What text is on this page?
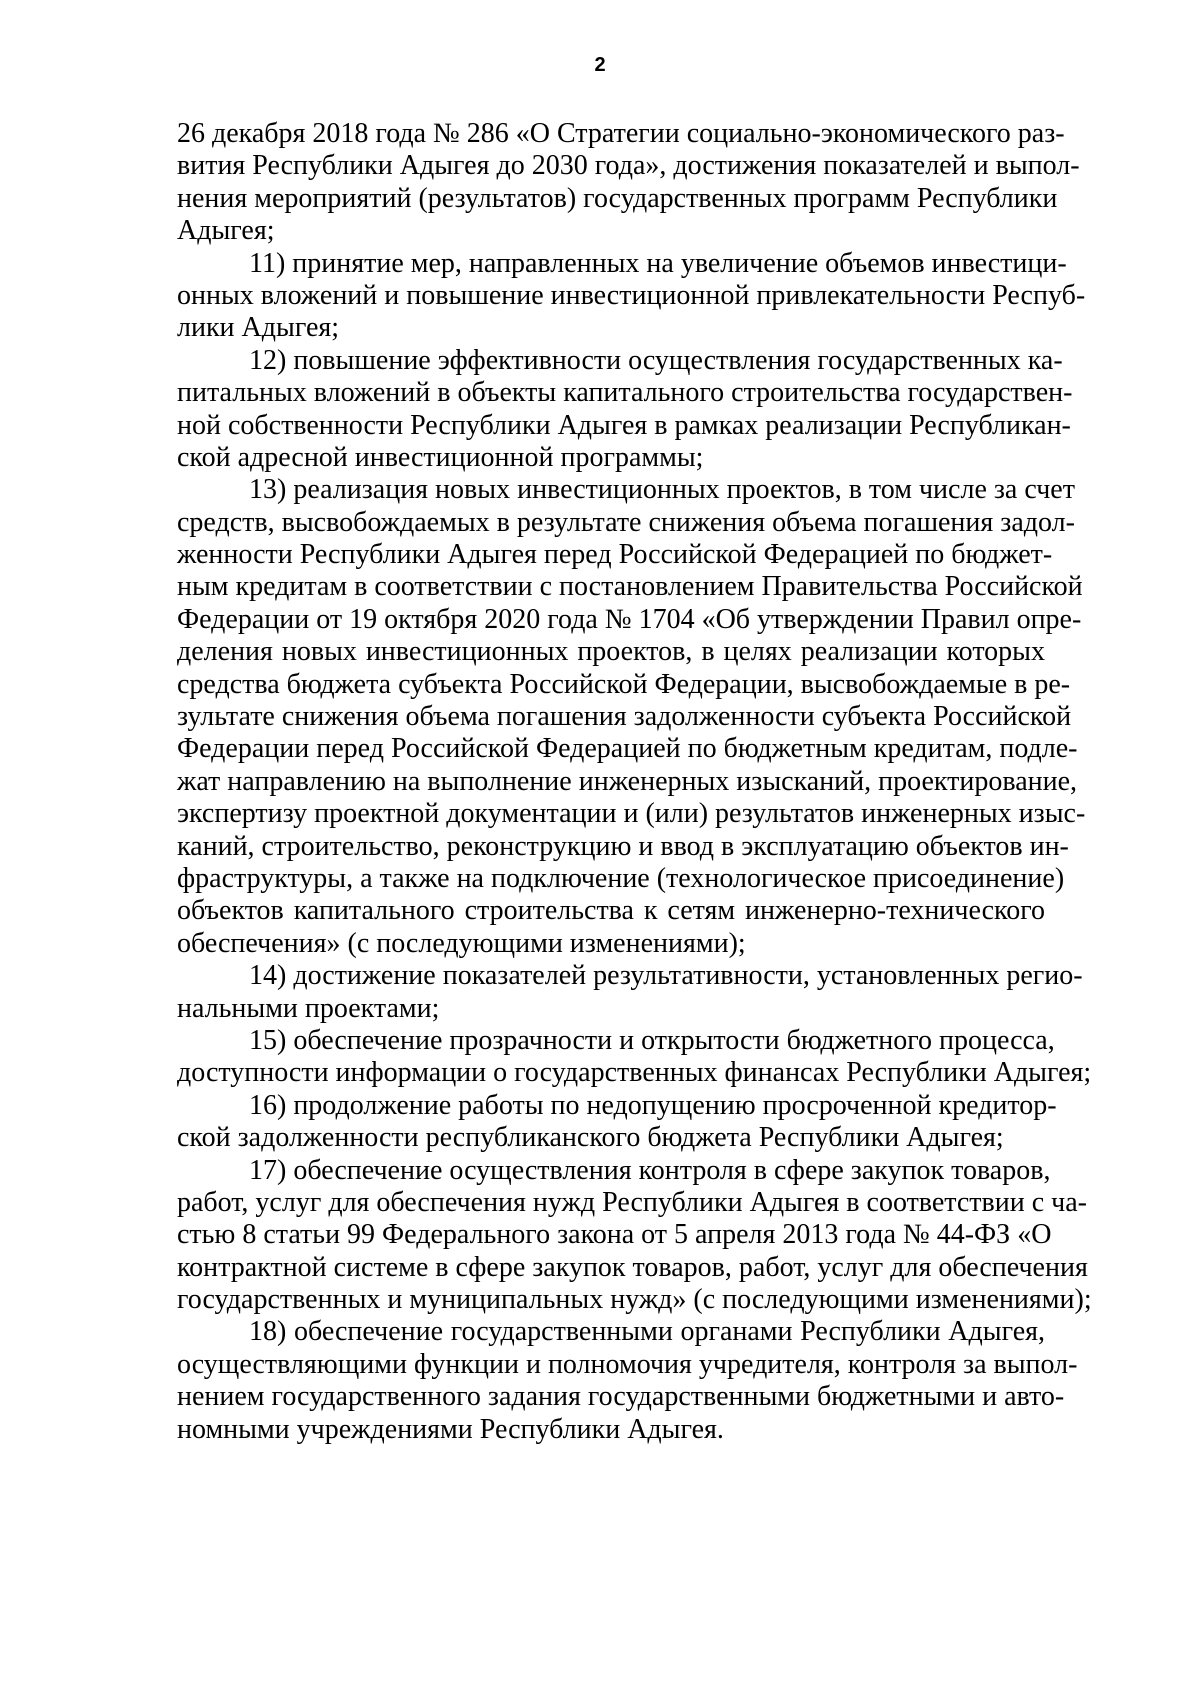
2
26 декабря 2018 года № 286 «О Стратегии социально-экономического раз-
вития Республики Адыгея до 2030 года», достижения показателей и выпол-
нения мероприятий (результатов) государственных программ Республики
Адыгея;
11) принятие мер, направленных на увеличение объемов инвестици-
онных вложений и повышение инвестиционной привлекательности Респуб-
лики Адыгея;
12) повышение эффективности осуществления государственных ка-
питальных вложений в объекты капитального строительства государствен-
ной собственности Республики Адыгея в рамках реализации Республикан-
ской адресной инвестиционной программы;
13) реализация новых инвестиционных проектов, в том числе за счет
средств, высвобождаемых в результате снижения объема погашения задол-
женности Республики Адыгея перед Российской Федерацией по бюджет-
ным кредитам в соответствии с постановлением Правительства Российской
Федерации от 19 октября 2020 года № 1704 «Об утверждении Правил опре-
деления новых инвестиционных проектов, в целях реализации которых
средства бюджета субъекта Российской Федерации, высвобождаемые в ре-
зультате снижения объема погашения задолженности субъекта Российской
Федерации перед Российской Федерацией по бюджетным кредитам, подле-
жат направлению на выполнение инженерных изысканий, проектирование,
экспертизу проектной документации и (или) результатов инженерных изыс-
каний, строительство, реконструкцию и ввод в эксплуатацию объектов ин-
фраструктуры, а также на подключение (технологическое присоединение)
объектов капитального строительства к сетям инженерно-технического
обеспечения» (с последующими изменениями);
14) достижение показателей результативности, установленных регио-
нальными проектами;
15) обеспечение прозрачности и открытости бюджетного процесса,
доступности информации о государственных финансах Республики Адыгея;
16) продолжение работы по недопущению просроченной кредитор-
ской задолженности республиканского бюджета Республики Адыгея;
17) обеспечение осуществления контроля в сфере закупок товаров,
работ, услуг для обеспечения нужд Республики Адыгея в соответствии с ча-
стью 8 статьи 99 Федерального закона от 5 апреля 2013 года № 44-ФЗ «О
контрактной системе в сфере закупок товаров, работ, услуг для обеспечения
государственных и муниципальных нужд» (с последующими изменениями);
18) обеспечение государственными органами Республики Адыгея,
осуществляющими функции и полномочия учредителя, контроля за выпол-
нением государственного задания государственными бюджетными и авто-
номными учреждениями Республики Адыгея.
